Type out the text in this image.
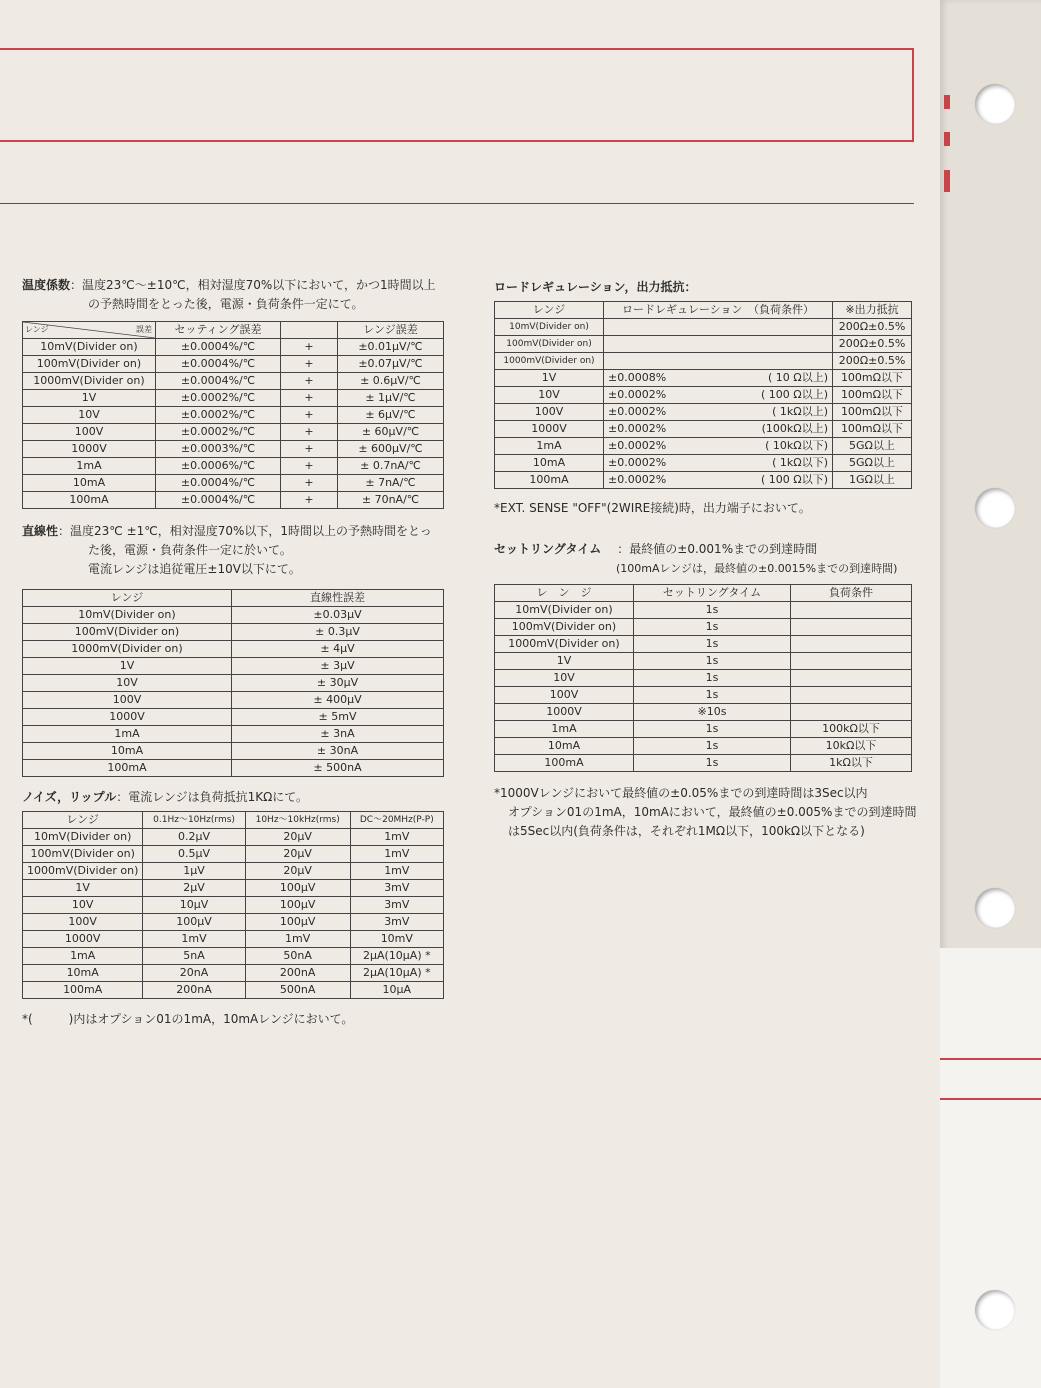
温度係数：温度23℃～±10℃，相対湿度70%以下において，かつ1時間以上
の予熱時間をとった後，電源・負荷条件一定にて。
レンジ 誤差	セッティング誤差		レンジ誤差
10mV(Divider on)	±0.0004%/℃	+	±0.01μV/℃
100mV(Divider on)	±0.0004%/℃	+	±0.07μV/℃
1000mV(Divider on)	±0.0004%/℃	+	± 0.6μV/℃
1V	±0.0002%/℃	+	± 1μV/℃
10V	±0.0002%/℃	+	± 6μV/℃
100V	±0.0002%/℃	+	± 60μV/℃
1000V	±0.0003%/℃	+	± 600μV/℃
1mA	±0.0006%/℃	+	± 0.7nA/℃
10mA	±0.0004%/℃	+	± 7nA/℃
100mA	±0.0004%/℃	+	± 70nA/℃
直線性：温度23℃ ±1℃，相対湿度70%以下，1時間以上の予熱時間をとっ
た後，電源・負荷条件一定に於いて。
電流レンジは追従電圧±10V以下にて。
レンジ	直線性誤差
10mV(Divider on)	±0.03μV
100mV(Divider on)	± 0.3μV
1000mV(Divider on)	± 4μV
1V	± 3μV
10V	± 30μV
100V	± 400μV
1000V	± 5mV
1mA	± 3nA
10mA	± 30nA
100mA	± 500nA
ノイズ，リップル：電流レンジは負荷抵抗1KΩにて。
レンジ	0.1Hz～10Hz(rms)	10Hz～10kHz(rms)	DC～20MHz(P-P)
10mV(Divider on)	0.2μV	20μV	1mV
100mV(Divider on)	0.5μV	20μV	1mV
1000mV(Divider on)	1μV	20μV	1mV
1V	2μV	100μV	3mV
10V	10μV	100μV	3mV
100V	100μV	100μV	3mV
1000V	1mV	1mV	10mV
1mA	5nA	50nA	2μA(10μA) *
10mA	20nA	200nA	2μA(10μA) *
100mA	200nA	500nA	10μA
*(　　　)内はオプション01の1mA，10mAレンジにおいて。
ロードレギュレーション，出力抵抗：
レンジ	ロードレギュレーション　（負荷条件）		※出力抵抗
10mV(Divider on)			200Ω±0.5%
100mV(Divider on)			200Ω±0.5%
1000mV(Divider on)			200Ω±0.5%
1V	±0.0008%	( 10 Ω以上)	100mΩ以下
10V	±0.0002%	( 100 Ω以上)	100mΩ以下
100V	±0.0002%	( 1kΩ以上)	100mΩ以下
1000V	±0.0002%	(100kΩ以上)	100mΩ以下
1mA	±0.0002%	( 10kΩ以下)	5GΩ以上
10mA	±0.0002%	( 1kΩ以下)	5GΩ以上
100mA	±0.0002%	( 100 Ω以下)	1GΩ以上
*EXT. SENSE "OFF"(2WIRE接続)時，出力端子において。
セットリングタイム ：最終値の±0.001%までの到達時間
(100mAレンジは，最終値の±0.0015%までの到達時間)
レ　ン　ジ	セットリングタイム	負荷条件
10mV(Divider on)	1s	
100mV(Divider on)	1s	
1000mV(Divider on)	1s	
1V	1s	
10V	1s	
100V	1s	
1000V	※10s	
1mA	1s	100kΩ以下
10mA	1s	10kΩ以下
100mA	1s	1kΩ以下
*1000Vレンジにおいて最終値の±0.05%までの到達時間は3Sec以内
オプション01の1mA，10mAにおいて，最終値の±0.005%までの到達時間
は5Sec以内(負荷条件は，それぞれ1MΩ以下，100kΩ以下となる)
